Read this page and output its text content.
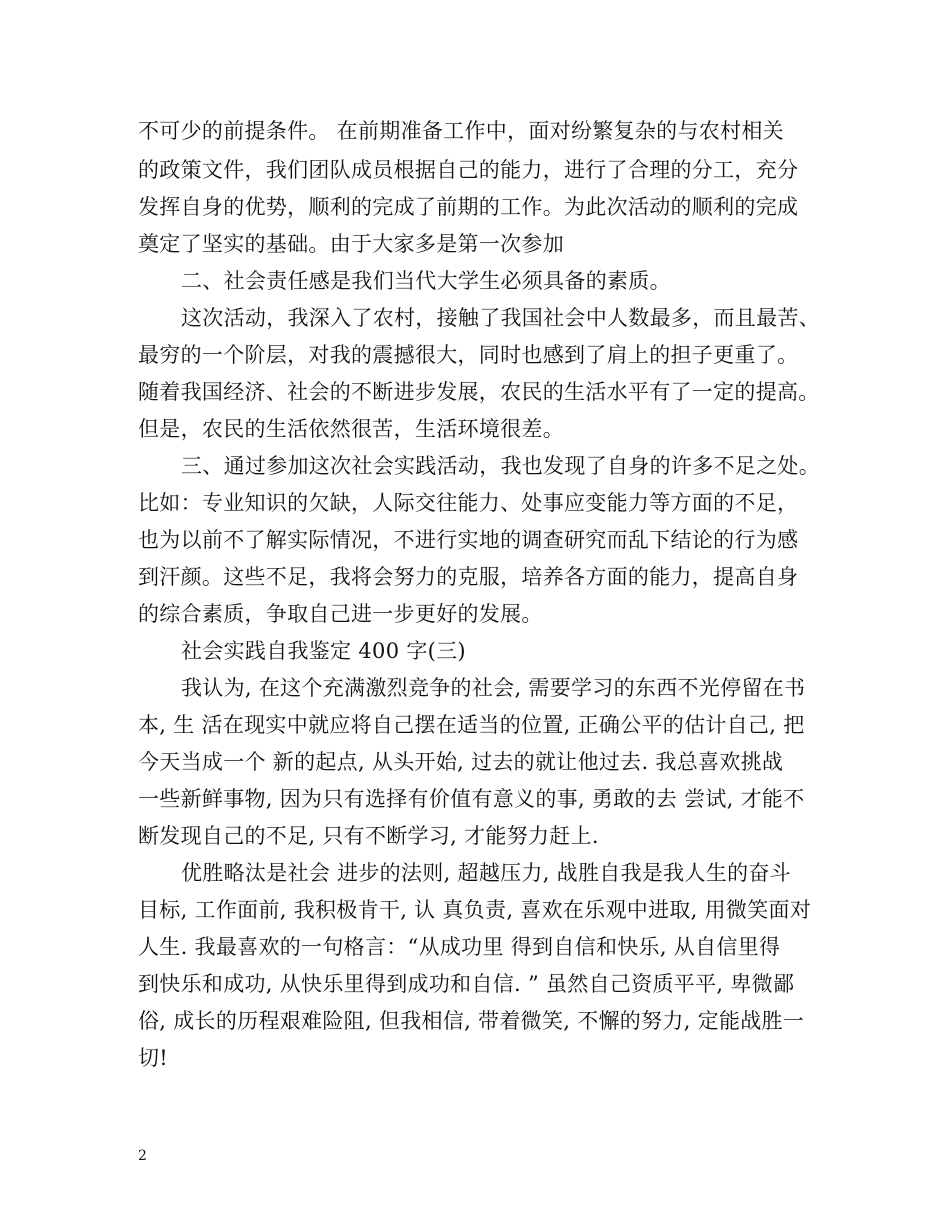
不可少的前提条件。 在前期准备工作中，面对纷繁复杂的与农村相关
的政策文件，我们团队成员根据自己的能力，进行了合理的分工，充分
发挥自身的优势，顺利的完成了前期的工作。为此次活动的顺利的完成
奠定了坚实的基础。由于大家多是第一次参加
二、社会责任感是我们当代大学生必须具备的素质。
这次活动，我深入了农村，接触了我国社会中人数最多，而且最苦、
最穷的一个阶层，对我的震撼很大，同时也感到了肩上的担子更重了。
随着我国经济、社会的不断进步发展，农民的生活水平有了一定的提高。
但是，农民的生活依然很苦，生活环境很差。
三、通过参加这次社会实践活动，我也发现了自身的许多不足之处。
比如：专业知识的欠缺，人际交往能力、处事应变能力等方面的不足，
也为以前不了解实际情况，不进行实地的调查研究而乱下结论的行为感
到汗颜。这些不足，我将会努力的克服，培养各方面的能力，提高自身
的综合素质，争取自己进一步更好的发展。
社会实践自我鉴定 400 字(三)
我认为, 在这个充满激烈竞争的社会, 需要学习的东西不光停留在书
本, 生 活在现实中就应将自己摆在适当的位置, 正确公平的估计自己, 把
今天当成一个 新的起点, 从头开始, 过去的就让他过去. 我总喜欢挑战
一些新鲜事物, 因为只有选择有价值有意义的事, 勇敢的去 尝试, 才能不
断发现自己的不足, 只有不断学习, 才能努力赶上.
优胜略汰是社会 进步的法则, 超越压力, 战胜自我是我人生的奋斗
目标, 工作面前, 我积极肯干, 认 真负责, 喜欢在乐观中进取, 用微笑面对
人生. 我最喜欢的一句格言：“从成功里 得到自信和快乐, 从自信里得
到快乐和成功, 从快乐里得到成功和自信. ” 虽然自己资质平平, 卑微鄙
俗, 成长的历程艰难险阻, 但我相信, 带着微笑, 不懈的努力, 定能战胜一
切!
2
